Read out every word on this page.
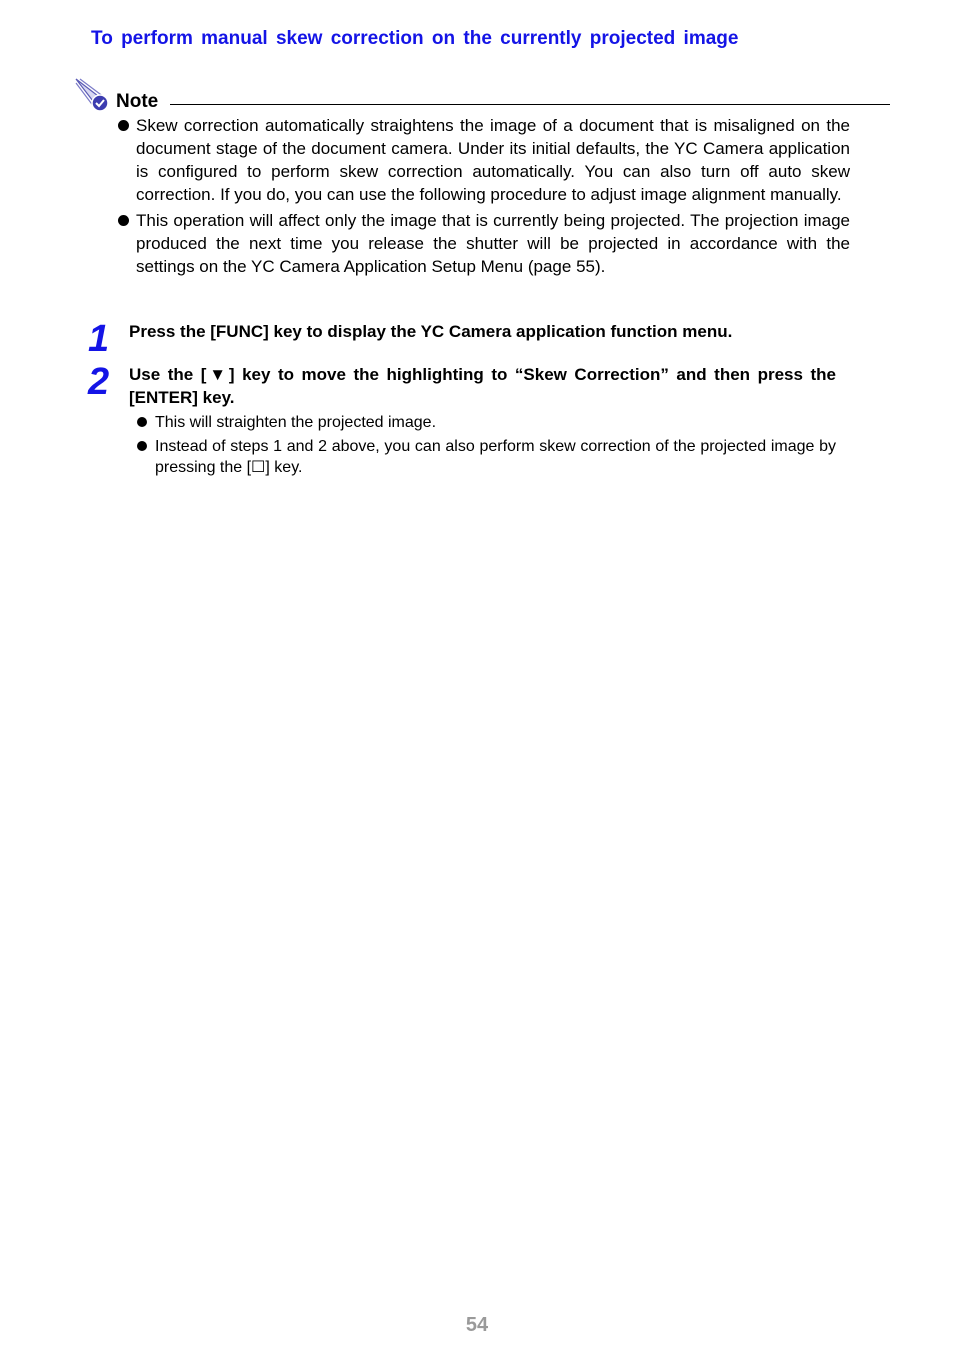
To perform manual skew correction on the currently projected image
Note
Skew correction automatically straightens the image of a document that is misaligned on the document stage of the document camera. Under its initial defaults, the YC Camera application is configured to perform skew correction automatically. You can also turn off auto skew correction. If you do, you can use the following procedure to adjust image alignment manually.
This operation will affect only the image that is currently being projected. The projection image produced the next time you release the shutter will be projected in accordance with the settings on the YC Camera Application Setup Menu (page 55).
1 Press the [FUNC] key to display the YC Camera application function menu.

2 Use the [▼] key to move the highlighting to “Skew Correction” and then press the [ENTER] key.

This will straighten the projected image.
Instead of steps 1 and 2 above, you can also perform skew correction of the projected image by pressing the [☐] key.
54
